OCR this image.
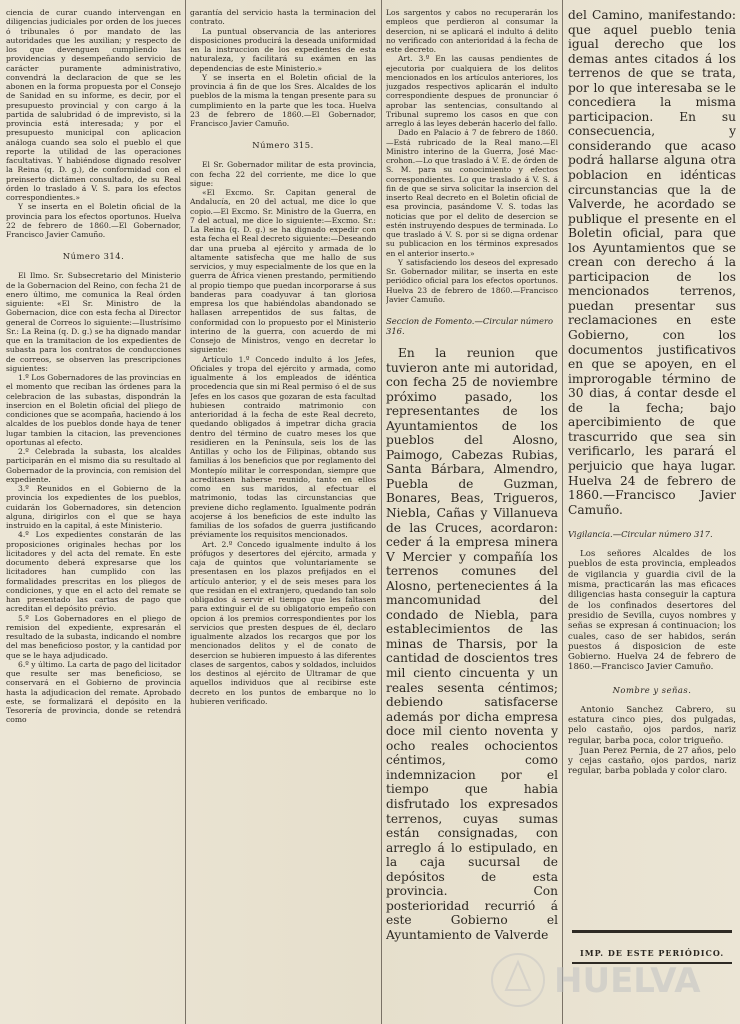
ciencia de curar cuando intervengan en diligencias judiciales por orden de los jueces ó tribunales ó por mandato de las autoridades que les auxilian; y respecto de los que devenguen cumpliendo las providencias y desempeñando servicio de carácter puramente administrativo, convendrá la declaracion de que se les abonen en la forma propuesta por el Consejo de Sanidad en su informe, es decir, por el presupuesto provincial y con cargo á la partida de salubridad ó de imprevisto, si la provincia está interesada; y por el presupuesto municipal con aplicacion análoga cuando sea solo el pueblo el que reporte la utilidad de las operaciones facultativas. Y habiéndose dignado resolver la Reina (q. D. g.), de conformidad con el preinserto dictámen consultado, de su Real órden lo traslado á V. S. para los efectos correspondientes.»

Y se inserta en el Boletin oficial de la provincia para los efectos oportunos. Huelva 22 de febrero de 1860.—El Gobernador, Francisco Javier Camuño.

Número 314.

El Ilmo. Sr. Subsecretario del Ministerio de la Gobernacion del Reino, con fecha 21 de enero último, me comunica la Real órden siguiente: «El Sr. Ministro de la Gobernacion, dice con esta fecha al Director general de Correos lo siguiente:—Ilustrísimo Sr.: La Reina (q. D. g.) se ha dignado mandar que en la tramitacion de los expedientes de subasta para los contratos de conducciones de correos, se observen las prescripciones siguientes:

1.º Los Gobernadores de las provincias en el momento que reciban las órdenes para la celebracion de las subastas, dispondrán la insercion en el Boletin oficial del pliego de condiciones que se acompaña, haciendo á los alcaldes de los pueblos donde haya de tener lugar tambien la citacion, las prevenciones oportunas al efecto.

2.º Celebrada la subasta, los alcaldes participarán en el mismo dia su resultado al Gobernador de la provincia, con remision del expediente.

3.º Reunidos en el Gobierno de la provincia los expedientes de los pueblos, cuidarán los Gobernadores, sin detencion alguna, dirigirlos con el que se haya instruido en la capital, á este Ministerio.

4.º Los expedientes constarán de las proposiciones originales hechas por los licitadores y del acta del remate. En este documento deberá expresarse que los licitadores han cumplido con las formalidades prescritas en los pliegos de condiciones, y que en el acto del remate se han presentado las cartas de pago que acreditan el depósito prévio.

5.º Los Gobernadores en el pliego de remision del expediente, expresarán el resultado de la subasta, indicando el nombre del mas beneficioso postor, y la cantidad por que se le haya adjudicado.

6.º y último. La carta de pago del licitador que resulte ser mas beneficioso, se conservará en el Gobierno de provincia hasta la adjudicacion del remate. Aprobado este, se formalizará el depósito en la Tesorería de provincia, donde se retendrá como

garantía del servicio hasta la terminacion del contrato.

La puntual observancia de las anteriores disposiciones producirá la deseada uniformidad en la instruccion de los expedientes de esta naturaleza, y facilitará su exámen en las dependencias de este Ministerio.»

Y se inserta en el Boletin oficial de la provincia á fin de que los Sres. Alcaldes de los pueblos de la misma la tengan presente para su cumplimiento en la parte que les toca. Huelva 23 de febrero de 1860.—El Gobernador, Francisco Javier Camuño.

Número 315.

El Sr. Gobernador militar de esta provincia, con fecha 22 del corriente, me dice lo que sigue:

«El Excmo. Sr. Capitan general de Andalucía, en 20 del actual, me dice lo que copio.—El Excmo. Sr. Ministro de la Guerra, en 7 del actual, me dice lo siguiente:—Excmo. Sr.: La Reina (q. D. g.) se ha dignado expedir con esta fecha el Real decreto siguiente:—Deseando dar una prueba al ejército y armada de lo altamente satisfecha que me hallo de sus servicios, y muy especialmente de los que en la guerra de África vienen prestando, permitiendo al propio tiempo que puedan incorporarse á sus banderas para coadyuvar á tan gloriosa empresa los que habiéndolas abandonado se hallasen arrepentidos de sus faltas, de conformidad con lo propuesto por el Ministerio interino de la guerra, con acuerdo de mi Consejo de Ministros, vengo en decretar lo siguiente:

Artículo 1.º Concedo indulto á los Jefes, Oficiales y tropa del ejército y armada, como igualmente á los empleados de idéntica procedencia que sin mi Real permiso ó el de sus Jefes en los casos que gozaran de esta facultad hubiesen contraido matrimonio con anterioridad á la fecha de este Real decreto, quedando obligados á impetrar dicha gracia dentro del término de cuatro meses los que residieren en la Península, seis los de las Antillas y ocho los de Filipinas, obtando sus familias á los beneficios que por reglamento del Montepío militar le correspondan, siempre que acreditasen haberse reunido, tanto en ellos como en sus maridos, al efectuar el matrimonio, todas las circunstancias que previene dicho reglamento. Igualmente podrán acojerse á los beneficios de este indulto las familias de los sofados de guerra justificando préviamente los requisitos mencionados.

Art. 2.º Concedo igualmente indulto á los prófugos y desertores del ejército, armada y caja de quintos que voluntariamente se presentasen en los plazos prefijados en el artículo anterior, y el de seis meses para los que residan en el extranjero, quedando tan solo obligados á servir el tiempo que les faltasen para extinguir el de su obligatorio empeño con opcion á los premios correspondientes por los servicios que presten despues de él, declaro igualmente alzados los recargos que por los mencionados delitos y el de conato de desercion se hubieren impuesto á las diferentes clases de sargentos, cabos y soldados, incluidos los destinos al ejército de Ultramar de que aquellos individuos que al recibirse este decreto en los puntos de embarque no lo hubieren verificado.

Los sargentos y cabos no recuperarán los empleos que perdieron al consumar la desercion, ni se aplicará el indulto á delito no verificado con anterioridad á la fecha de este decreto.

Art. 3.º En las causas pendientes de ejecutoria por cualquiera de los delitos mencionados en los artículos anteriores, los juzgados respectivos aplicarán el indulto correspondiente despues de pronunciar ó aprobar las sentencias, consultando al Tribunal supremo los casos en que con arreglo á las leyes deberán hacerlo del fallo.

Dado en Palacio á 7 de febrero de 1860.—Está rubricado de la Real mano.—El Ministro interino de la Guerra, José Mac-crohon.—Lo que traslado á V. E. de órden de S. M. para su conocimiento y efectos correspondientes. Lo que traslado á V. S. á fin de que se sirva solicitar la insercion del inserto Real decreto en el Boletin oficial de esa provincia, pasándome V. S. todas las noticias que por el delito de desercion se estén instruyendo despues de terminada. Lo que traslado á V. S. por si se digna ordenar su publicacion en los términos expresados en el anterior inserto.»

Y satisfaciendo los deseos del expresado Sr. Gobernador militar, se inserta en este periódico oficial para los efectos oportunos. Huelva 23 de febrero de 1860.—Francisco Javier Camuño.

Seccion de Fomento.—Circular número 316.

En la reunion que tuvieron ante mi autoridad, con fecha 25 de noviembre próximo pasado, los representantes de los Ayuntamientos de los pueblos del Alosno, Paimogo, Cabezas Rubias, Santa Bárbara, Almendro, Puebla de Guzman, Bonares, Beas, Trigueros, Niebla, Cañas y Villanueva de las Cruces, acordaron: ceder á la empresa minera V Mercier y compañía los terrenos comunes del Alosno, pertenecientes á la mancomunidad del condado de Niebla, para establecimientos de las minas de Tharsis, por la cantidad de doscientos tres mil ciento cincuenta y un reales sesenta céntimos; debiendo satisfacerse además por dicha empresa doce mil ciento noventa y ocho reales ochocientos céntimos, como indemnizacion por el tiempo que habia disfrutado los expresados terrenos, cuyas sumas están consignadas, con arreglo á lo estipulado, en la caja sucursal de depósitos de esta provincia. Con posterioridad recurrió á este Gobierno el Ayuntamiento de Valverde

del Camino, manifestando: que aquel pueblo tenia igual derecho que los demas antes citados á los terrenos de que se trata, por lo que interesaba se le concediera la misma participacion. En su consecuencia, y considerando que acaso podrá hallarse alguna otra poblacion en idénticas circunstancias que la de Valverde, he acordado se publique el presente en el Boletin oficial, para que los Ayuntamientos que se crean con derecho á la participacion de los mencionados terrenos, puedan presentar sus reclamaciones en este Gobierno, con los documentos justificativos en que se apoyen, en el improrogable término de 30 dias, á contar desde el de la fecha; bajo apercibimiento de que trascurrido que sea sin verificarlo, les parará el perjuicio que haya lugar. Huelva 24 de febrero de 1860.—Francisco Javier Camuño.

Vigilancia.—Circular número 317.

Los señores Alcaldes de los pueblos de esta provincia, empleados de vigilancia y guardia civil de la misma, practicarán las mas eficaces diligencias hasta conseguir la captura de los confinados desertores del presidio de Sevilla, cuyos nombres y señas se expresan á continuacion; los cuales, caso de ser habidos, serán puestos á disposicion de este Gobierno. Huelva 24 de febrero de 1860.—Francisco Javier Camuño.

Nombre y señas.

Antonio Sanchez Cabrero, su estatura cinco pies, dos pulgadas, pelo castaño, ojos pardos, nariz regular, barba poca, color trigueño.

Juan Perez Pernia, de 27 años, pelo y cejas castaño, ojos pardos, nariz regular, barba poblada y color claro.

IMP. DE ESTE PERIÓDICO.
HUELVA
